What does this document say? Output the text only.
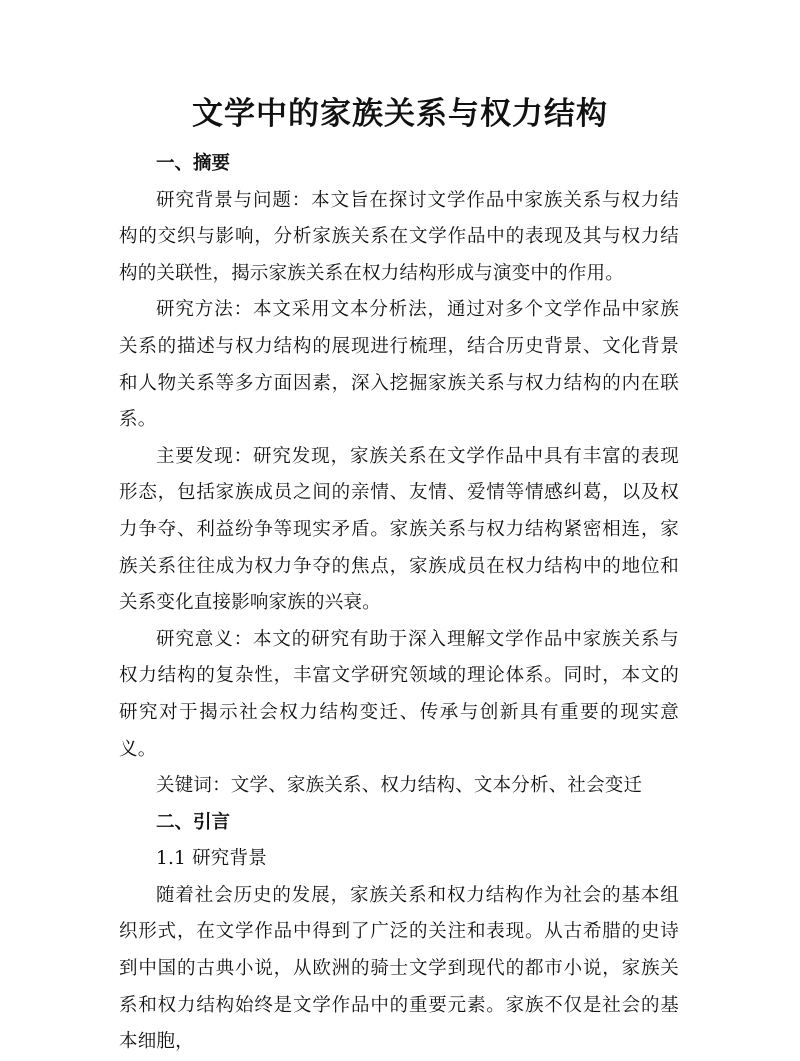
文学中的家族关系与权力结构
一、摘要

研究背景与问题：本文旨在探讨文学作品中家族关系与权力结构的交织与影响，分析家族关系在文学作品中的表现及其与权力结构的关联性，揭示家族关系在权力结构形成与演变中的作用。

研究方法：本文采用文本分析法，通过对多个文学作品中家族关系的描述与权力结构的展现进行梳理，结合历史背景、文化背景和人物关系等多方面因素，深入挖掘家族关系与权力结构的内在联系。

主要发现：研究发现，家族关系在文学作品中具有丰富的表现形态，包括家族成员之间的亲情、友情、爱情等情感纠葛，以及权力争夺、利益纷争等现实矛盾。家族关系与权力结构紧密相连，家族关系往往成为权力争夺的焦点，家族成员在权力结构中的地位和关系变化直接影响家族的兴衰。

研究意义：本文的研究有助于深入理解文学作品中家族关系与权力结构的复杂性，丰富文学研究领域的理论体系。同时，本文的研究对于揭示社会权力结构变迁、传承与创新具有重要的现实意义。

关键词：文学、家族关系、权力结构、文本分析、社会变迁

二、引言

1.1 研究背景

随着社会历史的发展，家族关系和权力结构作为社会的基本组织形式，在文学作品中得到了广泛的关注和表现。从古希腊的史诗到中国的古典小说，从欧洲的骑士文学到现代的都市小说，家族关系和权力结构始终是文学作品中的重要元素。家族不仅是社会的基本细胞，
